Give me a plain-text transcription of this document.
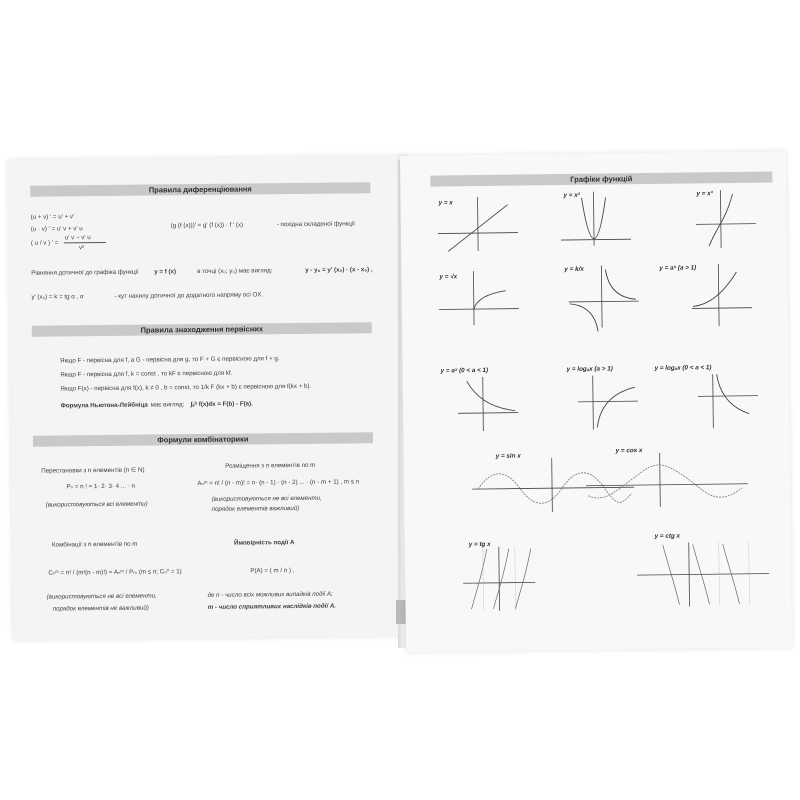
Правила диференціювання
(u + v) ′ = u′ + v′
(u · v) ′ = u′ v + v′ u
( u / v ) ′ =
u′ v − v′ u
v²
(g (f (x)))′ = g′ (f (x)) · f ′ (x)	- похідна складеної функції
Рівняння дотичної до графіка функції y = f (x)	в точці (x₀; y₀) має вигляд:	y - y₀ = y′ (x₀) · (x - x₀) ,
y′ (x₀) = k = tg α , α	- кут нахилу дотичної до додатного напряму осі OX.
Правила знаходження первісних
Якщо F - первісна для f, а G - первісна для g, то F + G є первісною для f + g.
Якщо F - первісна для f, k = const , то kF є первісною для kf.
Якщо F(x) - первісна для f(x), k ≠ 0 , b = const, то 1/k F (kx + b) є первісною для f(kx + b).
Формула Ньютона-Лейбніца має вигляд: ∫ₐᵇ f(x)dx = F(b) - F(a).
Формули комбінаторики
Перестановки з n елементів (n ∈ N)
Pₙ = n ! = 1· 2· 3· 4 ... · n
(використовуються всі елементи)
Розміщення з n елементів по m
Aₙᵐ = n! / (n - m)! = n· (n - 1) · (n - 2) ... · (n - m + 1) , m ≤ n
(використовуються не всі елементи,
порядок елементів важливий)
Комбінації з n елементів по m
Cₙᵐ = n! / (m!(n - m)!) = Aₙᵐ / Pₘ (m ≤ n; Cₙ⁰ = 1)
(використовуються не всі елементи,
порядок елементів не важливий)
Ймовірність події A
P(A) = ( m / n ) ,
де n - число всіх можливих випадків події A;
m - число сприятливих наслідків події A.
Графіки функцій
y = x
y = x²	y = x³
y = √x
y = k/x	y = aˣ (a > 1)
y = aˣ (0 < a < 1)	y = logₐx (a > 1)	y = logₐx (0 < a < 1)
y = sin x
y = cos x
y = tg x
y = ctg x
